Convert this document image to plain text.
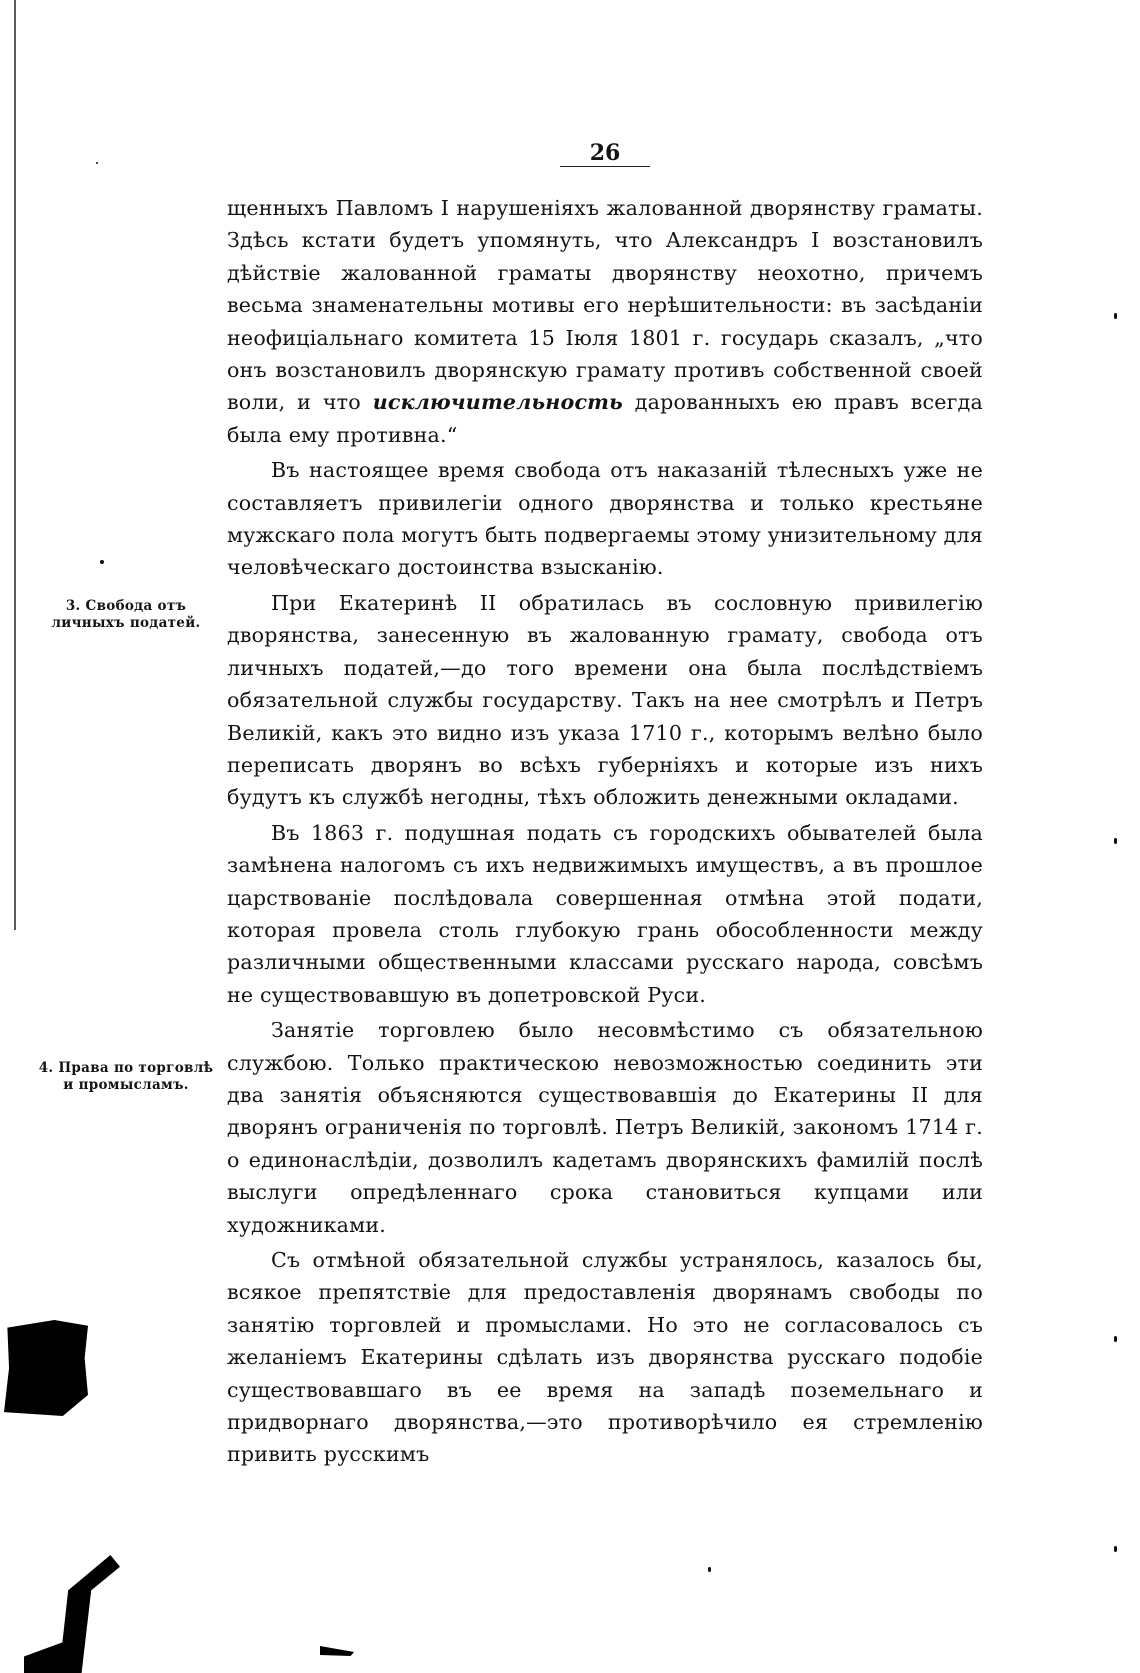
26
3. Свобода отъ личныхъ податей.
4. Права по торговлѣ и промысламъ.

щенныхъ Павломъ I нарушеніяхъ жалованной дворянству граматы. Здѣсь кстати будетъ упомянуть, что Александръ I возстановилъ дѣйствіе жалованной грамaты дворянству неохотно, причемъ весьма знаменательны мотивы его нерѣшительности: въ засѣданіи неофиціальнаго комитета 15 Іюля 1801 г. государь сказалъ, „что онъ возстановилъ дворянскую грамату противъ собственной своей воли, и что исключительность дарованныхъ ею правъ всегда была ему противна.“

Въ настоящее время свобода отъ наказаній тѣлесныхъ уже не составляетъ привилегіи одного дворянства и только крестьяне мужскаго пола могутъ быть подвергаемы этому унизительному для человѣческаго достоинства взысканію.

При Екатеринѣ II обратилась въ сословную привилегію дворянства, занесенную въ жалованную грамату, свобода отъ личныхъ податей,—до того времени она была послѣдствіемъ обязательной службы государству. Такъ на нее смотрѣлъ и Петръ Великій, какъ это видно изъ указа 1710 г., которымъ велѣно было переписать дворянъ во всѣхъ губерніяхъ и которые изъ нихъ будутъ къ службѣ негодны, тѣхъ обложить денежными окладами.

Въ 1863 г. подушная подать съ городскихъ обывателей была замѣнена налогомъ съ ихъ недвижимыхъ имуществъ, а въ прошлое царствованіе послѣдовала совершенная отмѣна этой подати, которая провела столь глубокую грань обособленности между различными общественными классами русскаго народа, совсѣмъ не существовавшую въ допетровской Руси.

Занятіе торговлею было несовмѣстимо съ обязательною службою. Только практическою невозможностью соединить эти два занятія объясняются существовавшія до Екатерины II для дворянъ ограниченія по торговлѣ. Петръ Великій, закономъ 1714 г. о единонаслѣдіи, дозволилъ кадетамъ дворянскихъ фамилій послѣ выслуги опредѣленнаго срока становиться купцами или художниками.

Съ отмѣной обязательной службы устранялось, казалось бы, всякое препятствіе для предоставленія дворянамъ свободы по занятію торговлей и промыслами. Но это не согласовалось съ желаніемъ Екатерины сдѣлать изъ дворянства русскаго подобіе существовавшаго въ ее время на западѣ поземельнаго и придворнаго дворянства,—это противорѣчило ея стремленію привить русскимъ
